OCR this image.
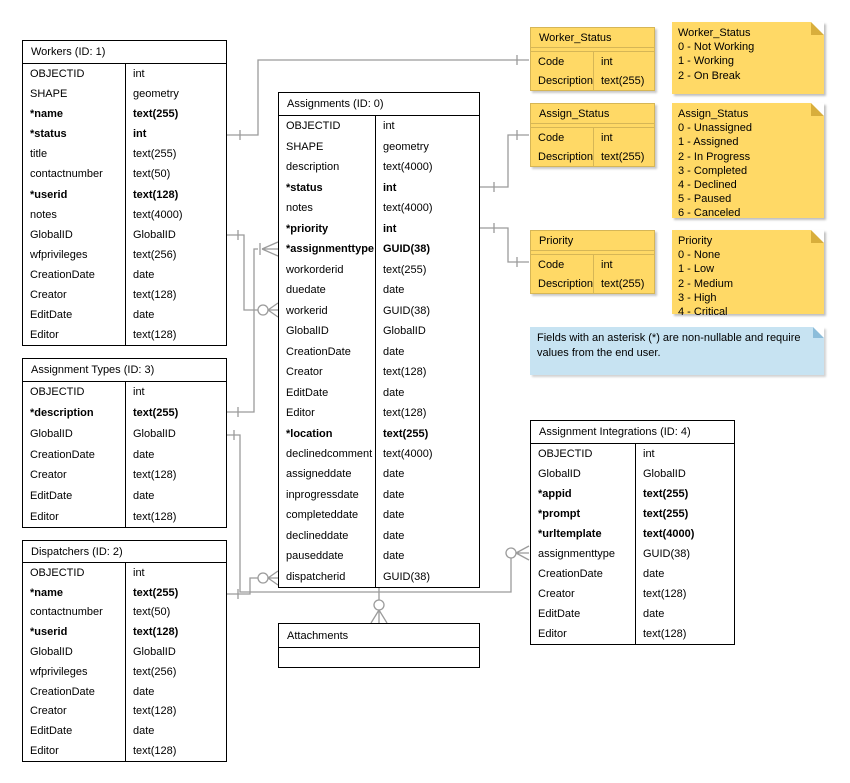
Workers (ID: 1)
OBJECTID	int
SHAPE	geometry
*name	text(255)
*status	int
title	text(255)
contactnumber	text(50)
*userid	text(128)
notes	text(4000)
GlobalID	GlobalID
wfprivileges	text(256)
CreationDate	date
Creator	text(128)
EditDate	date
Editor	text(128)
Assignment Types (ID: 3)
OBJECTID	int
*description	text(255)
GlobalID	GlobalID
CreationDate	date
Creator	text(128)
EditDate	date
Editor	text(128)
Dispatchers (ID: 2)
OBJECTID	int
*name	text(255)
contactnumber	text(50)
*userid	text(128)
GlobalID	GlobalID
wfprivileges	text(256)
CreationDate	date
Creator	text(128)
EditDate	date
Editor	text(128)
Assignments (ID: 0)
OBJECTID	int
SHAPE	geometry
description	text(4000)
*status	int
notes	text(4000)
*priority	int
*assignmenttype GUID(38)
workorderid	text(255)
duedate	date
workerid	GUID(38)
GlobalID	GlobalID
CreationDate	date
Creator	text(128)
EditDate	date
Editor	text(128)
*location	text(255)
declinedcomment text(4000)
assigneddate	date
inprogressdate	date
completeddate	date
declineddate	date
pauseddate	date
dispatcherid	GUID(38)
Assignment Integrations (ID: 4)
OBJECTID	int
GlobalID	GlobalID
*appid	text(255)
*prompt	text(255)
*urltemplate	text(4000)
assignmenttype	GUID(38)
CreationDate	date
Creator	text(128)
EditDate	date
Editor	text(128)
Attachments
Worker_Status
Code	int
Description text(255)
Assign_Status
Code	int
Description text(255)
Priority
Code	int
Description text(255)
Worker_Status
0 - Not Working
1 - Working
2 - On Break
Assign_Status
0 - Unassigned
1 - Assigned
2 - In Progress
3 - Completed
4 - Declined
5 - Paused
6 - Canceled
Priority
0 - None
1 - Low
2 - Medium
3 - High
4 - Critical
Fields with an asterisk (*) are non-nullable and require values from the end user.
